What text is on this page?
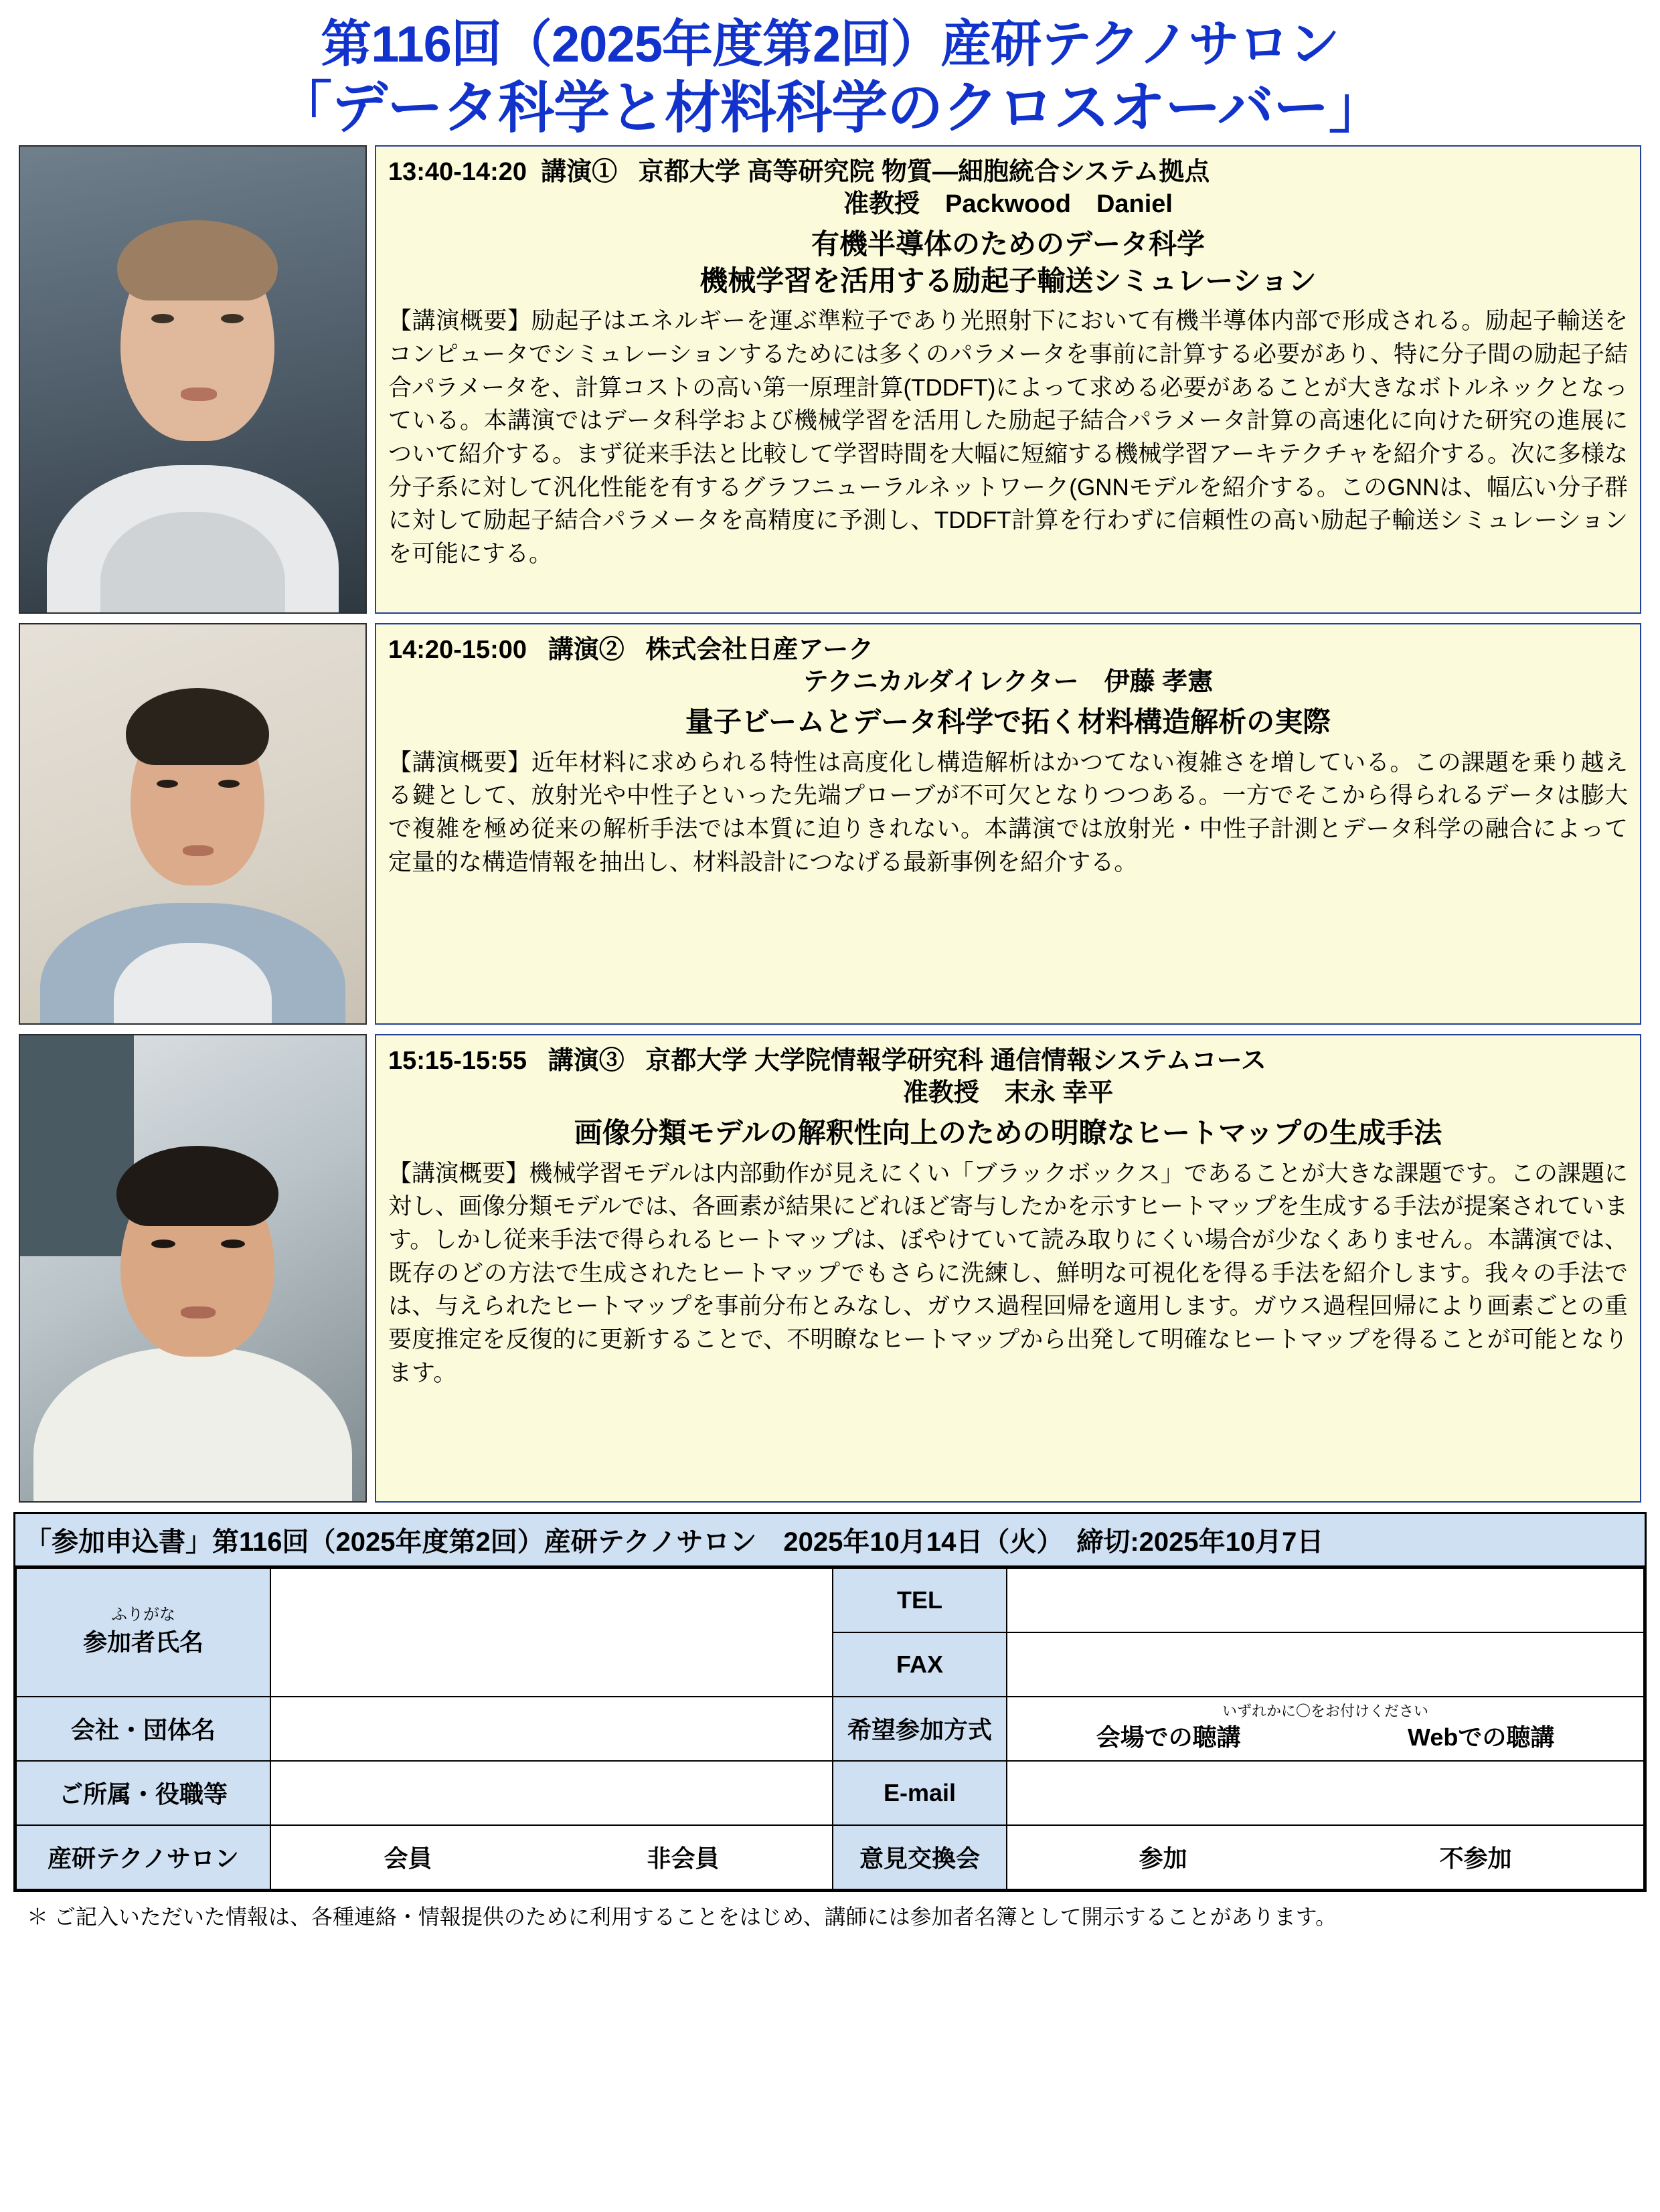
第116回（2025年度第2回）産研テクノサロン
「データ科学と材料科学のクロスオーバー」
13:40-14:20 講演① 京都大学 高等研究院 物質―細胞統合システム拠点
准教授　Packwood　Daniel
有機半導体のためのデータ科学
機械学習を活用する励起子輸送シミュレーション
【講演概要】励起子はエネルギーを運ぶ準粒子であり光照射下において有機半導体内部で形成される。励起子輸送をコンピュータでシミュレーションするためには多くのパラメータを事前に計算する必要があり、特に分子間の励起子結合パラメータを、計算コストの高い第一原理計算(TDDFT)によって求める必要があることが大きなボトルネックとなっている。本講演ではデータ科学および機械学習を活用した励起子結合パラメータ計算の高速化に向けた研究の進展について紹介する。まず従来手法と比較して学習時間を大幅に短縮する機械学習アーキテクチャを紹介する。次に多様な分子系に対して汎化性能を有するグラフニューラルネットワーク(GNNモデルを紹介する。このGNNは、幅広い分子群に対して励起子結合パラメータを高精度に予測し、TDDFT計算を行わずに信頼性の高い励起子輸送シミュレーションを可能にする。
14:20-15:00 講演② 株式会社日産アーク
テクニカルダイレクター　伊藤 孝憲
量子ビームとデータ科学で拓く材料構造解析の実際
【講演概要】近年材料に求められる特性は高度化し構造解析はかつてない複雑さを増している。この課題を乗り越える鍵として、放射光や中性子といった先端プローブが不可欠となりつつある。一方でそこから得られるデータは膨大で複雑を極め従来の解析手法では本質に迫りきれない。本講演では放射光・中性子計測とデータ科学の融合によって定量的な構造情報を抽出し、材料設計につなげる最新事例を紹介する。
15:15-15:55 講演③ 京都大学 大学院情報学研究科 通信情報システムコース
准教授　末永 幸平
画像分類モデルの解釈性向上のための明瞭なヒートマップの生成手法
【講演概要】機械学習モデルは内部動作が見えにくい「ブラックボックス」であることが大きな課題です。この課題に対し、画像分類モデルでは、各画素が結果にどれほど寄与したかを示すヒートマップを生成する手法が提案されています。しかし従来手法で得られるヒートマップは、ぼやけていて読み取りにくい場合が少なくありません。本講演では、既存のどの方法で生成されたヒートマップでもさらに洗練し、鮮明な可視化を得る手法を紹介します。我々の手法では、与えられたヒートマップを事前分布とみなし、ガウス過程回帰を適用します。ガウス過程回帰により画素ごとの重要度推定を反復的に更新することで、不明瞭なヒートマップから出発して明確なヒートマップを得ることが可能となります。
「参加申込書」第116回（2025年度第2回）産研テクノサロン　2025年10月14日（火）　締切:2025年10月7日
ふりがな
参加者氏名		TEL	
		FAX	
会社・団体名		希望参加方式	いずれかに〇をお付けください
会場での聴講 Webでの聴講

ご所属・役職等		E-mail	
産研テクノサロン	会員 非会員	意見交換会	参加 不参加
＊ ご記入いただいた情報は、各種連絡・情報提供のために利用することをはじめ、講師には参加者名簿として開示することがあります。
